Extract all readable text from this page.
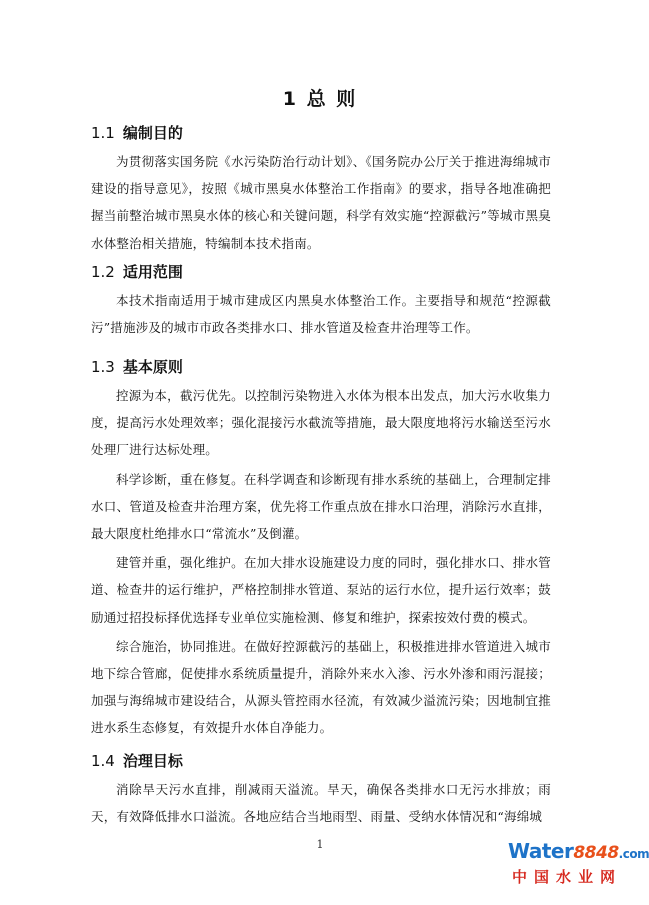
1 总 则
1.1 编制目的

为贯彻落实国务院《水污染防治行动计划》、《国务院办公厅关于推进海绵城市建设的指导意见》，按照《城市黑臭水体整治工作指南》的要求，指导各地准确把握当前整治城市黑臭水体的核心和关键问题，科学有效实施“控源截污”等城市黑臭水体整治相关措施，特编制本技术指南。

1.2 适用范围

本技术指南适用于城市建成区内黑臭水体整治工作。主要指导和规范“控源截污”措施涉及的城市市政各类排水口、排水管道及检查井治理等工作。

1.3 基本原则

控源为本，截污优先。以控制污染物进入水体为根本出发点，加大污水收集力度，提高污水处理效率；强化混接污水截流等措施，最大限度地将污水输送至污水处理厂进行达标处理。

科学诊断，重在修复。在科学调查和诊断现有排水系统的基础上，合理制定排水口、管道及检查井治理方案，优先将工作重点放在排水口治理，消除污水直排，最大限度杜绝排水口“常流水”及倒灌。

建管并重，强化维护。在加大排水设施建设力度的同时，强化排水口、排水管道、检查井的运行维护，严格控制排水管道、泵站的运行水位，提升运行效率；鼓励通过招投标择优选择专业单位实施检测、修复和维护，探索按效付费的模式。

综合施治，协同推进。在做好控源截污的基础上，积极推进排水管道进入城市地下综合管廊，促使排水系统质量提升，消除外来水入渗、污水外渗和雨污混接；加强与海绵城市建设结合，从源头管控雨水径流，有效减少溢流污染；因地制宜推进水系生态修复，有效提升水体自净能力。

1.4 治理目标

消除旱天污水直排，削减雨天溢流。旱天，确保各类排水口无污水排放；雨天，有效降低排水口溢流。各地应结合当地雨型、雨量、受纳水体情况和“海绵城

1	Water8848.com
中国水业网
